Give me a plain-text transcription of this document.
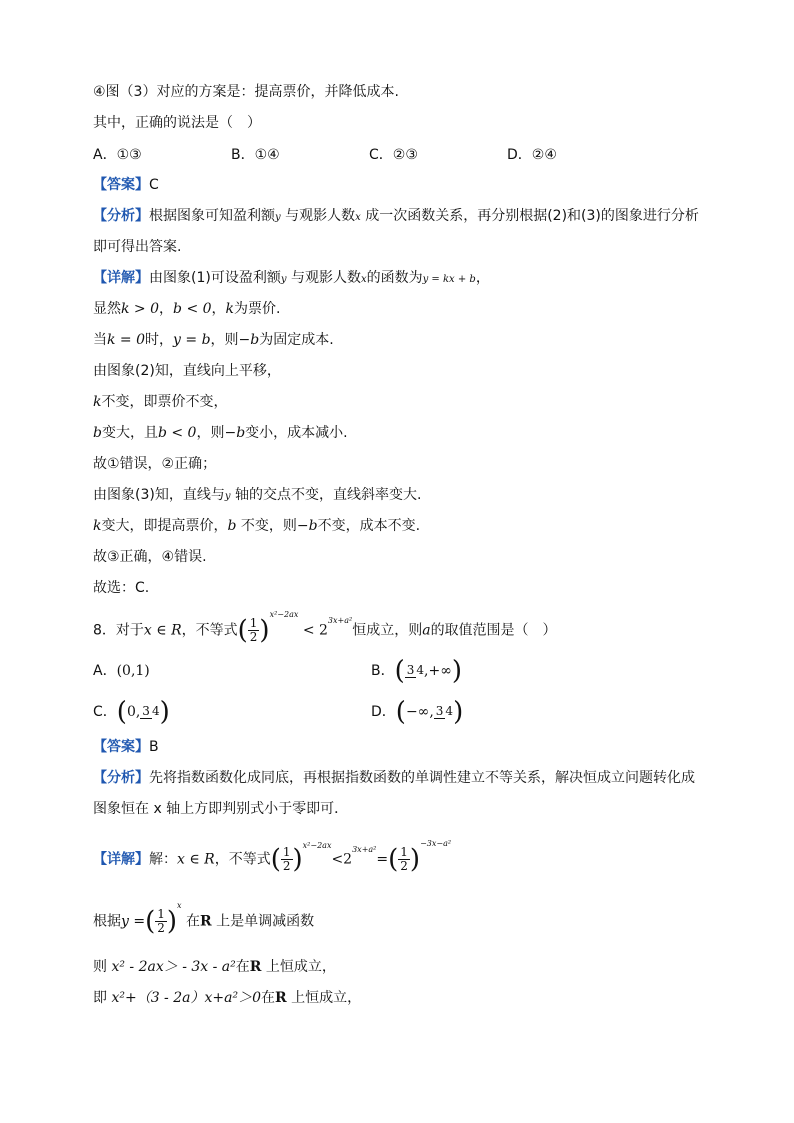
④图（3）对应的方案是：提高票价，并降低成本.
其中，正确的说法是（　）
A．①③	B．①④	C．②③	D．②④
【答案】C
【分析】根据图象可知盈利额y 与观影人数x 成一次函数关系，再分别根据(2)和(3)的图象进行分析
即可得出答案.
【详解】由图象(1)可设盈利额y 与观影人数x的函数为y = kx + b，
显然k > 0，b < 0，k为票价.
当k = 0时，y = b，则−b为固定成本.
由图象(2)知，直线向上平移，
k不变，即票价不变，
b变大，且b < 0，则−b变小，成本减小.
故①错误，②正确；
由图象(3)知，直线与y 轴的交点不变，直线斜率变大.
k变大，即提高票价，b 不变，则−b不变，成本不变.
故③正确，④错误.
故选：C.
8．对于x ∈ R，不等式( $\frac{1}{2} )^{x^2-2ax} < 2^{3x+a^2}$恒成立，则a的取值范围是（　）
A．(0,1)	B．( 3 4,+∞)
C．(0, 3 4)	D．(−∞, 3 4)
【答案】B
【分析】先将指数函数化成同底，再根据指数函数的单调性建立不等关系，解决恒成立问题转化成
图象恒在 x 轴上方即判别式小于零即可．
【详解】解：x ∈ R，不等式( $\frac{1}{2} )^{x^2-2ax}<2^{3x+a^2}=( \frac{1}{2} )^{-3x-a^2}$
根据y =( $\frac{1}{2} )^x$ 在R 上是单调减函数
则 x² - 2ax＞ - 3x - a²在R 上恒成立，
即 x²+（3 - 2a）x+a²＞0在R 上恒成立，
